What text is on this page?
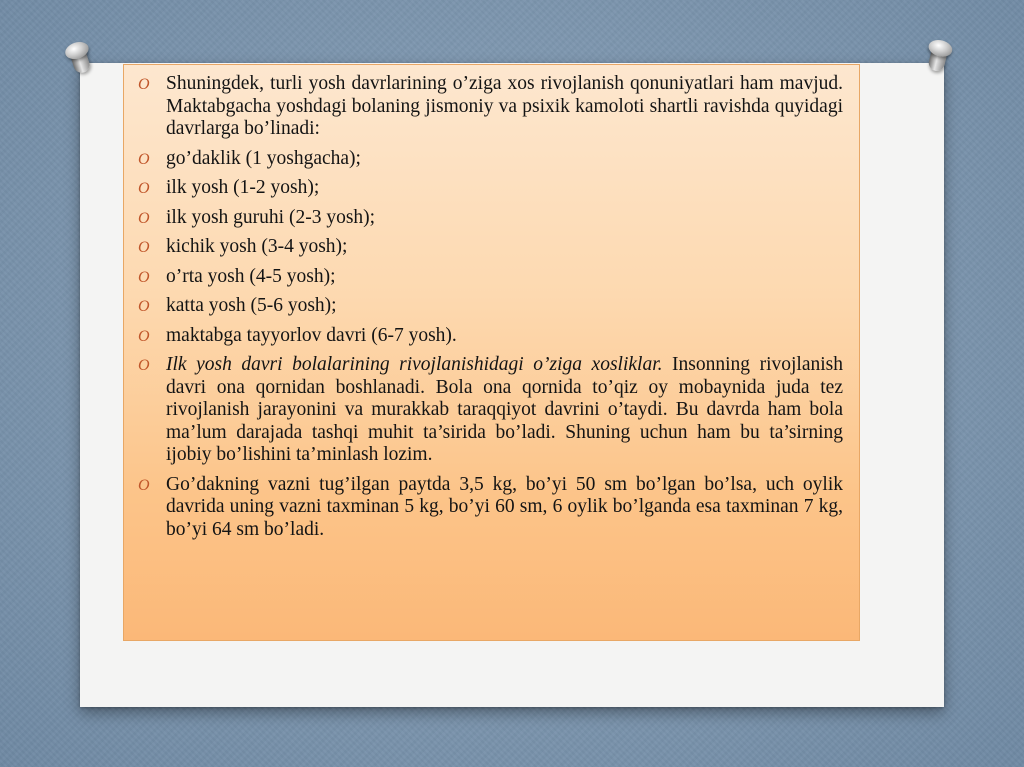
O Shuningdek, turli yosh davrlarining o’ziga xos rivojlanish qonuniyatlari ham mavjud. Maktabgacha yoshdagi bolaning jismoniy va psixik kamoloti shartli ravishda quyidagi davrlarga bo’linadi:
O go’daklik (1 yoshgacha);
O ilk yosh (1-2 yosh);
O ilk yosh guruhi (2-3 yosh);
O kichik yosh (3-4 yosh);
O o’rta yosh (4-5 yosh);
O katta yosh (5-6 yosh);
O maktabga tayyorlov davri (6-7 yosh).
O Ilk yosh davri bolalarining rivojlanishidagi o’ziga xosliklar. Insonning rivojlanish davri ona qornidan boshlanadi. Bola ona qornida to’qiz oy mobaynida juda tez rivojlanish jarayonini va murakkab taraqqiyot davrini o’taydi. Bu davrda ham bola ma’lum darajada tashqi muhit ta’sirida bo’ladi. Shuning uchun ham bu ta’sirning ijobiy bo’lishini ta’minlash lozim.
O Go’dakning vazni tug’ilgan paytda 3,5 kg, bo’yi 50 sm bo’lgan bo’lsa, uch oylik davrida uning vazni taxminan 5 kg, bo’yi 60 sm, 6 oylik bo’lganda esa taxminan 7 kg, bo’yi 64 sm bo’ladi.
